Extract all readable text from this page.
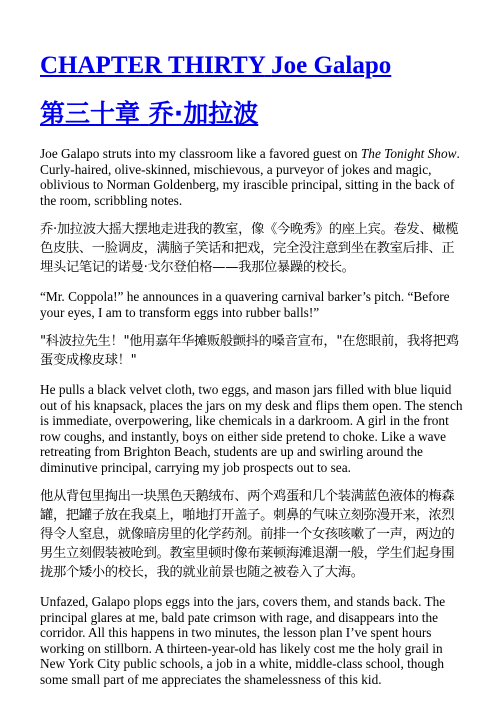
CHAPTER THIRTY Joe Galapo
第三十章 乔·加拉波

Joe Galapo struts into my classroom like a favored guest on The Tonight Show. Curly-haired, olive-skinned, mischievous, a purveyor of jokes and magic, oblivious to Norman Goldenberg, my irascible principal, sitting in the back of the room, scribbling notes.

乔·加拉波大摇大摆地走进我的教室，像《今晚秀》的座上宾。卷发、橄榄色皮肤、一脸调皮，满脑子笑话和把戏，完全没注意到坐在教室后排、正埋头记笔记的诺曼·戈尔登伯格——我那位暴躁的校长。

“Mr. Coppola!” he announces in a quavering carnival barker’s pitch. “Before your eyes, I am to transform eggs into rubber balls!”

"科波拉先生！"他用嘉年华摊贩般颤抖的嗓音宣布，"在您眼前，我将把鸡蛋变成橡皮球！"

He pulls a black velvet cloth, two eggs, and mason jars filled with blue liquid out of his knapsack, places the jars on my desk and flips them open. The stench is immediate, overpowering, like chemicals in a darkroom. A girl in the front row coughs, and instantly, boys on either side pretend to choke. Like a wave retreating from Brighton Beach, students are up and swirling around the diminutive principal, carrying my job prospects out to sea.

他从背包里掏出一块黑色天鹅绒布、两个鸡蛋和几个装满蓝色液体的梅森罐，把罐子放在我桌上，啪地打开盖子。刺鼻的气味立刻弥漫开来，浓烈得令人窒息，就像暗房里的化学药剂。前排一个女孩咳嗽了一声，两边的男生立刻假装被呛到。教室里顿时像布莱顿海滩退潮一般，学生们起身围拢那个矮小的校长，我的就业前景也随之被卷入了大海。

Unfazed, Galapo plops eggs into the jars, covers them, and stands back. The principal glares at me, bald pate crimson with rage, and disappears into the corridor. All this happens in two minutes, the lesson plan I’ve spent hours working on stillborn. A thirteen-year-old has likely cost me the holy grail in New York City public schools, a job in a white, middle-class school, though some small part of me appreciates the shamelessness of this kid.
